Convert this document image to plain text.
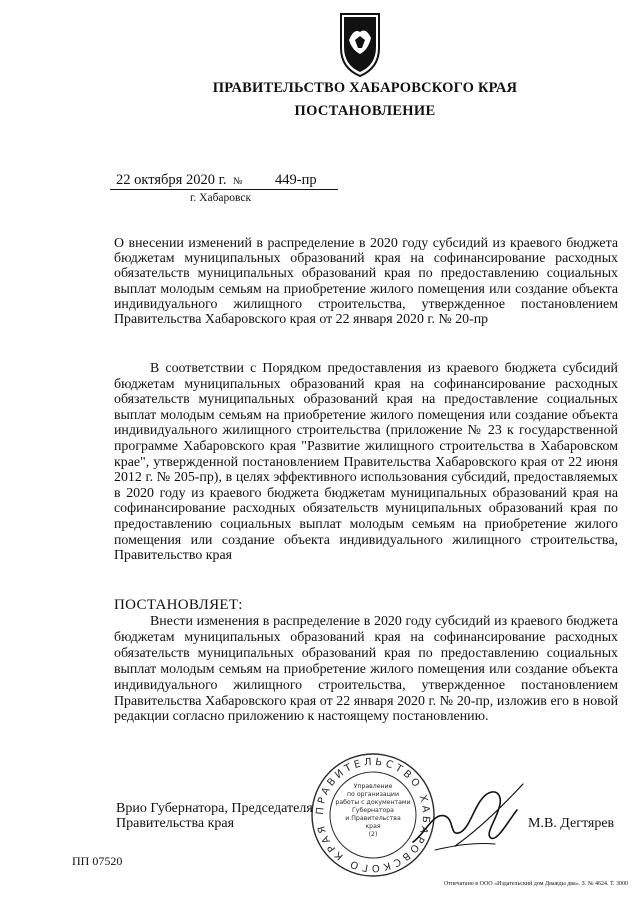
ПРАВИТЕЛЬСТВО ХАБАРОВСКОГО КРАЯ
ПОСТАНОВЛЕНИЕ
22 октября 2020 г. № 449-пр
г. Хабаровск
О внесении изменений в распределение в 2020 году субсидий из краевого бюджета бюджетам муниципальных образований края на софинансирование расходных обязательств муниципальных образований края по предоставлению социальных выплат молодым семьям на приобретение жилого помещения или создание объекта индивидуального жилищного строительства, утвержденное постановлением Правительства Хабаровского края от 22 января 2020 г. № 20-пр
В соответствии с Порядком предоставления из краевого бюджета субсидий бюджетам муниципальных образований края на софинансирование расходных обязательств муниципальных образований края на предоставление социальных выплат молодым семьям на приобретение жилого помещения или создание объекта индивидуального жилищного строительства (приложение № 23 к государственной программе Хабаровского края "Развитие жилищного строительства в Хабаровском крае", утвержденной постановлением Правительства Хабаровского края от 22 июня 2012 г. № 205-пр), в целях эффективного использования субсидий, предоставляемых в 2020 году из краевого бюджета бюджетам муниципальных образований края на софинансирование расходных обязательств муниципальных образований края по предоставлению социальных выплат молодым семьям на приобретение жилого помещения или создание объекта индивидуального жилищного строительства, Правительство края
ПОСТАНОВЛЯЕТ:
Внести изменения в распределение в 2020 году субсидий из краевого бюджета бюджетам муниципальных образований края на софинансирование расходных обязательств муниципальных образований края по предоставлению социальных выплат молодым семьям на приобретение жилого помещения или создание объекта индивидуального жилищного строительства, утвержденное постановлением Правительства Хабаровского края от 22 января 2020 г. № 20-пр, изложив его в новой редакции согласно приложению к настоящему постановлению.
ПРАВИТЕЛЬСТВО ХАБАРОВСКОГО КРАЯ
Управление
по организации
работы с документами
Губернатора
и Правительства
края
(2)
Врио Губернатора, Председателя
Правительства края	М.В. Дегтярев
ПП 07520
Отпечатано в ООО «Издательский дом Дважды два». З. № 4624. Т. 3000
